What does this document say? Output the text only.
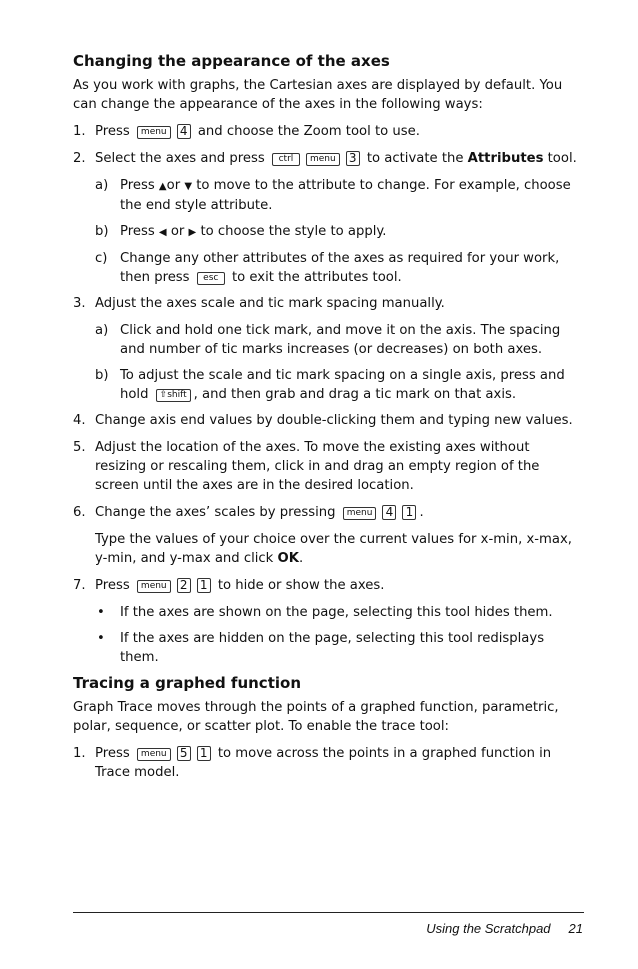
Changing the appearance of the axes

As you work with graphs, the Cartesian axes are displayed by default. You can change the appearance of the axes in the following ways:

1. Press menu 4 and choose the Zoom tool to use.
2. Select the axes and press ctrl menu 3 to activate the Attributes tool.
a) Press ▲or ▼ to move to the attribute to change. For example, choose the end style attribute.
b) Press ◀ or ▶ to choose the style to apply.
c) Change any other attributes of the axes as required for your work,
then press esc to exit the attributes tool.
3. Adjust the axes scale and tic mark spacing manually.
a) Click and hold one tick mark, and move it on the axis. The spacing and number of tic marks increases (or decreases) on both axes.
b) To adjust the scale and tic mark spacing on a single axis, press and
hold ⇧shift , and then grab and drag a tic mark on that axis.
4. Change axis end values by double-clicking them and typing new values.
5. Adjust the location of the axes. To move the existing axes without resizing or rescaling them, click in and drag an empty region of the screen until the axes are in the desired location.
6. Change the axes’ scales by pressing menu 4 1 .
Type the values of your choice over the current values for x-min, x-max, y-min, and y-max and click OK.
7. Press menu 2 1 to hide or show the axes.
• If the axes are shown on the page, selecting this tool hides them.
• If the axes are hidden on the page, selecting this tool redisplays them.
Tracing a graphed function

Graph Trace moves through the points of a graphed function, parametric, polar, sequence, or scatter plot. To enable the trace tool:

1. Press menu 5 1 to move across the points in a graphed function in Trace model.
Using the Scratchpad 21
